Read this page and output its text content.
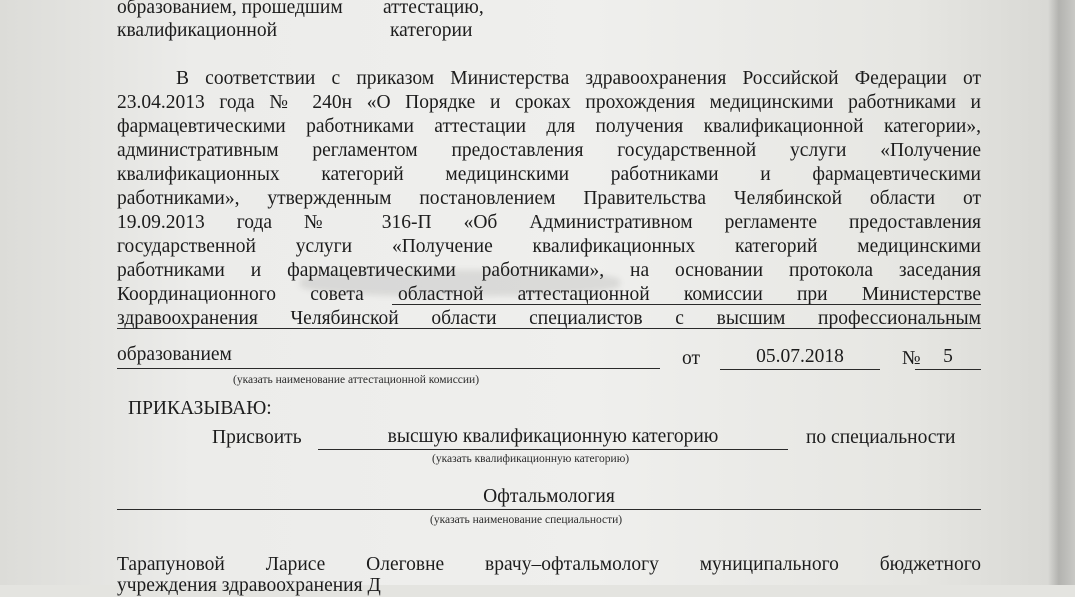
образованием, прошедшим аттестацию,
квалификационной	категории
В соответствии с приказом Министерства здравоохранения Российской Федерации от
23.04.2013 года № 240н «О Порядке и сроках прохождения медицинскими работниками и
фармацевтическими работниками аттестации для получения квалификационной категории»,
административным регламентом предоставления государственной услуги «Получение
квалификационных категорий медицинскими работниками и фармацевтическими
работниками», утвержденным постановлением Правительства Челябинской области от
19.09.2013 года № 316-П «Об Административном регламенте предоставления
государственной услуги «Получение квалификационных категорий медицинскими
работниками и фармацевтическими работниками», на основании протокола заседания
Координационного совета областной аттестационной комиссии при Министерстве
здравоохранения Челябинской области специалистов с высшим профессиональным
образованием	от	05.07.2018	№	5
(указать наименование аттестационной комиссии)
ПРИКАЗЫВАЮ:
Присвоить	высшую квалификационную категорию	по специальности
(указать квалификационную категорию)
Офтальмология
(указать наименование специальности)
Тарапуновой Ларисе Олеговне врачу–офтальмологу муниципального бюджетного
учреждения здравоохранения Д
